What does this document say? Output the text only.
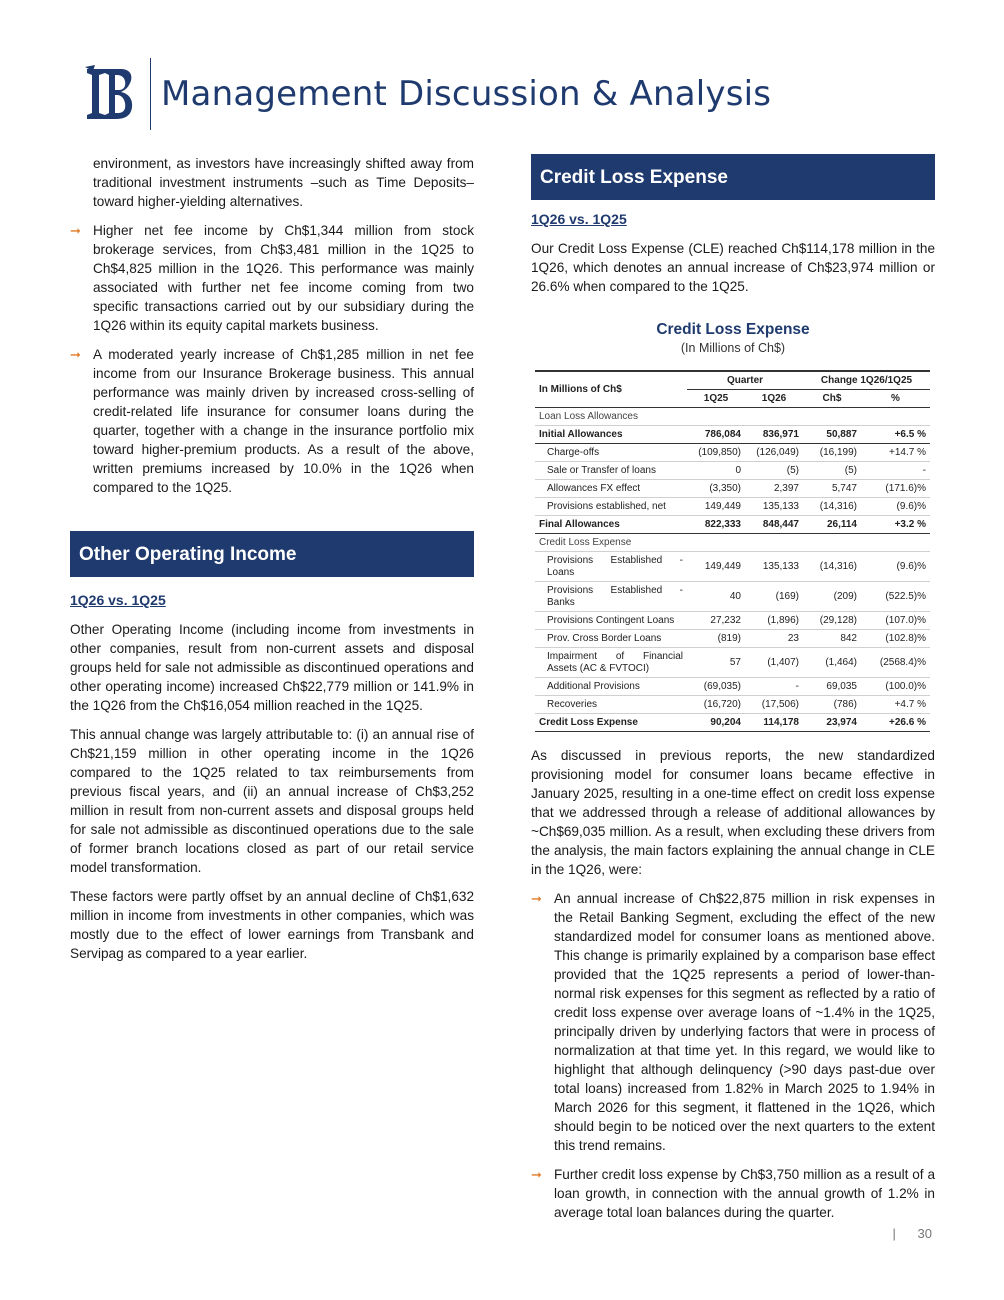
Management Discussion & Analysis

environment, as investors have increasingly shifted away from traditional investment instruments –such as Time Deposits– toward higher-yielding alternatives.

➞ Higher net fee income by Ch$1,344 million from stock brokerage services, from Ch$3,481 million in the 1Q25 to Ch$4,825 million in the 1Q26. This performance was mainly associated with further net fee income coming from two specific transactions carried out by our subsidiary during the 1Q26 within its equity capital markets business.
➞ A moderated yearly increase of Ch$1,285 million in net fee income from our Insurance Brokerage business. This annual performance was mainly driven by increased cross-selling of credit-related life insurance for consumer loans during the quarter, together with a change in the insurance portfolio mix toward higher-premium products. As a result of the above, written premiums increased by 10.0% in the 1Q26 when compared to the 1Q25.
Other Operating Income
1Q26 vs. 1Q25

Other Operating Income (including income from investments in other companies, result from non-current assets and disposal groups held for sale not admissible as discontinued operations and other operating income) increased Ch$22,779 million or 141.9% in the 1Q26 from the Ch$16,054 million reached in the 1Q25.

This annual change was largely attributable to: (i) an annual rise of Ch$21,159 million in other operating income in the 1Q26 compared to the 1Q25 related to tax reimbursements from previous fiscal years, and (ii) an annual increase of Ch$3,252 million in result from non-current assets and disposal groups held for sale not admissible as discontinued operations due to the sale of former branch locations closed as part of our retail service model transformation.

These factors were partly offset by an annual decline of Ch$1,632 million in income from investments in other companies, which was mostly due to the effect of lower earnings from Transbank and Servipag as compared to a year earlier.

Credit Loss Expense
1Q26 vs. 1Q25

Our Credit Loss Expense (CLE) reached Ch$114,178 million in the 1Q26, which denotes an annual increase of Ch$23,974 million or 26.6% when compared to the 1Q25.

Credit Loss Expense
(In Millions of Ch$)
In Millions of Ch$	Quarter		Change 1Q26/1Q25	
	1Q25	1Q26	Ch$	%
Loan Loss Allowances				
Initial Allowances	786,084	836,971	50,887	+6.5 %
Charge-offs	(109,850)	(126,049)	(16,199)	+14.7 %
Sale or Transfer of loans	0	(5)	(5)	-
Allowances FX effect	(3,350)	2,397	5,747	(171.6)%
Provisions established, net	149,449	135,133	(14,316)	(9.6)%
Final Allowances	822,333	848,447	26,114	+3.2 %
Credit Loss Expense				
Provisions Established - Loans	149,449	135,133	(14,316)	(9.6)%
Provisions Established - Banks	40	(169)	(209)	(522.5)%
Provisions Contingent Loans	27,232	(1,896)	(29,128)	(107.0)%
Prov. Cross Border Loans	(819)	23	842	(102.8)%
Impairment of Financial Assets (AC & FVTOCI)	57	(1,407)	(1,464)	(2568.4)%
Additional Provisions	(69,035)	-	69,035	(100.0)%
Recoveries	(16,720)	(17,506)	(786)	+4.7 %
Credit Loss Expense	90,204	114,178	23,974	+26.6 %

As discussed in previous reports, the new standardized provisioning model for consumer loans became effective in January 2025, resulting in a one-time effect on credit loss expense that we addressed through a release of additional allowances by ~Ch$69,035 million. As a result, when excluding these drivers from the analysis, the main factors explaining the annual change in CLE in the 1Q26, were:

➞ An annual increase of Ch$22,875 million in risk expenses in the Retail Banking Segment, excluding the effect of the new standardized model for consumer loans as mentioned above. This change is primarily explained by a comparison base effect provided that the 1Q25 represents a period of lower-than-normal risk expenses for this segment as reflected by a ratio of credit loss expense over average loans of ~1.4% in the 1Q25, principally driven by underlying factors that were in process of normalization at that time yet. In this regard, we would like to highlight that although delinquency (>90 days past-due over total loans) increased from 1.82% in March 2025 to 1.94% in March 2026 for this segment, it flattened in the 1Q26, which should begin to be noticed over the next quarters to the extent this trend remains.
➞ Further credit loss expense by Ch$3,750 million as a result of a loan growth, in connection with the annual growth of 1.2% in average total loan balances during the quarter.
| 30
